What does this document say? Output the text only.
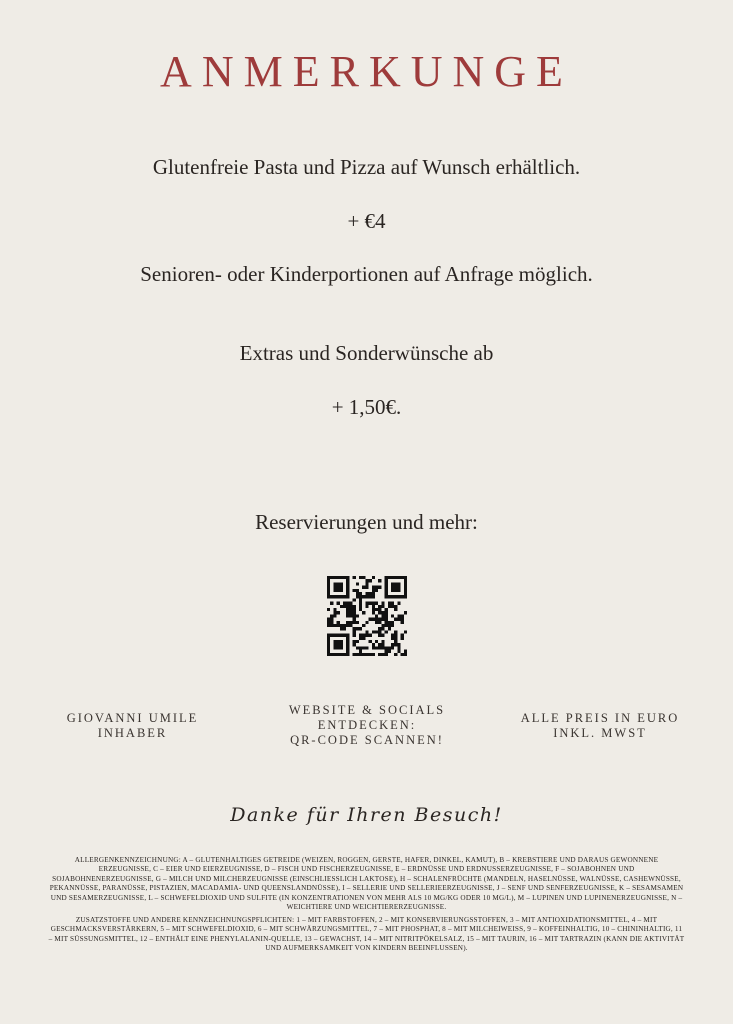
ANMERKUNGE
Glutenfreie Pasta und Pizza auf Wunsch erhältlich.
+ €4
Senioren- oder Kinderportionen auf Anfrage möglich.
Extras und Sonderwünsche ab
+ 1,50€.
Reservierungen und mehr:
GIOVANNI UMILE
INHABER
WEBSITE & SOCIALS
ENTDECKEN:
QR-CODE SCANNEN!
ALLE PREIS IN EURO
INKL. MWST
Danke für Ihren Besuch!
ALLERGENKENNZEICHNUNG: A – GLUTENHALTIGES GETREIDE (WEIZEN, ROGGEN, GERSTE, HAFER, DINKEL, KAMUT), B – KREBSTIERE UND DARAUS GEWONNENE ERZEUGNISSE, C – EIER UND EIERZEUGNISSE, D – FISCH UND FISCHERZEUGNISSE, E – ERDNÜSSE UND ERDNUSSERZEUGNISSE, F – SOJABOHNEN UND SOJABOHNENERZEUGNISSE, G – MILCH UND MILCHERZEUGNISSE (EINSCHLIESSLICH LAKTOSE), H – SCHALENFRÜCHTE (MANDELN, HASELNÜSSE, WALNÜSSE, CASHEWNÜSSE, PEKANNÜSSE, PARANÜSSE, PISTAZIEN, MACADAMIA- UND QUEENSLANDNÜSSE), I – SELLERIE UND SELLERIEERZEUGNISSE, J – SENF UND SENFERZEUGNISSE, K – SESAMSAMEN UND SESAMERZEUGNISSE, L – SCHWEFELDIOXID UND SULFITE (IN KONZENTRATIONEN VON MEHR ALS 10 MG/KG ODER 10 MG/L), M – LUPINEN UND LUPINENERZEUGNISSE, N – WEICHTIERE UND WEICHTIERERZEUGNISSE.
ZUSATZSTOFFE UND ANDERE KENNZEICHNUNGSPFLICHTEN: 1 – MIT FARBSTOFFEN, 2 – MIT KONSERVIERUNGSSTOFFEN, 3 – MIT ANTIOXIDATIONSMITTEL, 4 – MIT GESCHMACKSVERSTÄRKERN, 5 – MIT SCHWEFELDIOXID, 6 – MIT SCHWÄRZUNGSMITTEL, 7 – MIT PHOSPHAT, 8 – MIT MILCHEIWEISS, 9 – KOFFEINHALTIG, 10 – CHININHALTIG, 11 – MIT SÜSSUNGSMITTEL, 12 – ENTHÄLT EINE PHENYLALANIN-QUELLE, 13 – GEWACHST, 14 – MIT NITRITPÖKELSALZ, 15 – MIT TAURIN, 16 – MIT TARTRAZIN (KANN DIE AKTIVITÄT UND AUFMERKSAMKEIT VON KINDERN BEEINFLUSSEN).
